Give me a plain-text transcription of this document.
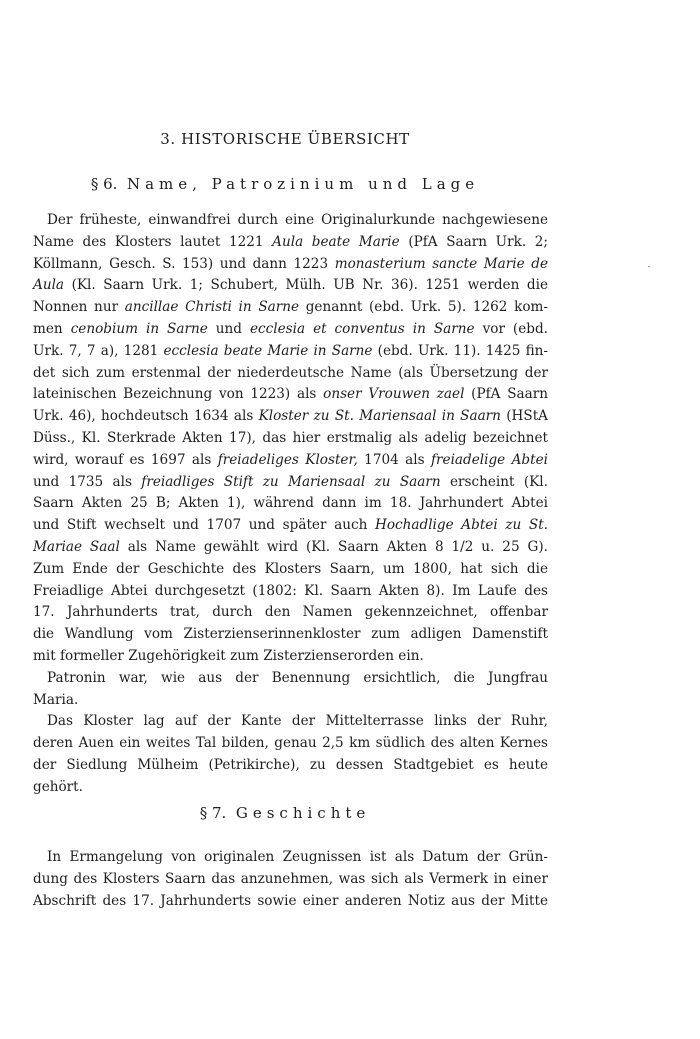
3. HISTORISCHE ÜBERSICHT
§ 6. Name, Patrozinium und Lage
Der früheste, einwandfrei durch eine Originalurkunde nachgewiesene
Name des Klosters lautet 1221 Aula beate Marie (PfA Saarn Urk. 2;
Köllmann, Gesch. S. 153) und dann 1223 monasterium sancte Marie de
Aula (Kl. Saarn Urk. 1; Schubert, Mülh. UB Nr. 36). 1251 werden die
Nonnen nur ancillae Christi in Sarne genannt (ebd. Urk. 5). 1262 kom-
men cenobium in Sarne und ecclesia et conventus in Sarne vor (ebd.
Urk. 7, 7 a), 1281 ecclesia beate Marie in Sarne (ebd. Urk. 11). 1425 fin-
det sich zum erstenmal der niederdeutsche Name (als Übersetzung der
lateinischen Bezeichnung von 1223) als onser Vrouwen zael (PfA Saarn
Urk. 46), hochdeutsch 1634 als Kloster zu St. Mariensaal in Saarn (HStA
Düss., Kl. Sterkrade Akten 17), das hier erstmalig als adelig bezeichnet
wird, worauf es 1697 als freiadeliges Kloster, 1704 als freiadelige Abtei
und 1735 als freiadliges Stift zu Mariensaal zu Saarn erscheint (Kl.
Saarn Akten 25 B; Akten 1), während dann im 18. Jahrhundert Abtei
und Stift wechselt und 1707 und später auch Hochadlige Abtei zu St.
Mariae Saal als Name gewählt wird (Kl. Saarn Akten 8 1/2 u. 25 G).
Zum Ende der Geschichte des Klosters Saarn, um 1800, hat sich die
Freiadlige Abtei durchgesetzt (1802: Kl. Saarn Akten 8). Im Laufe des
17. Jahrhunderts trat, durch den Namen gekennzeichnet, offenbar
die Wandlung vom Zisterzienserinnenkloster zum adligen Damenstift
mit formeller Zugehörigkeit zum Zisterzienserorden ein.
Patronin war, wie aus der Benennung ersichtlich, die Jungfrau
Maria.
Das Kloster lag auf der Kante der Mittelterrasse links der Ruhr,
deren Auen ein weites Tal bilden, genau 2,5 km südlich des alten Kernes
der Siedlung Mülheim (Petrikirche), zu dessen Stadtgebiet es heute
gehört.
§ 7. Geschichte
In Ermangelung von originalen Zeugnissen ist als Datum der Grün-
dung des Klosters Saarn das anzunehmen, was sich als Vermerk in einer
Abschrift des 17. Jahrhunderts sowie einer anderen Notiz aus der Mitte
